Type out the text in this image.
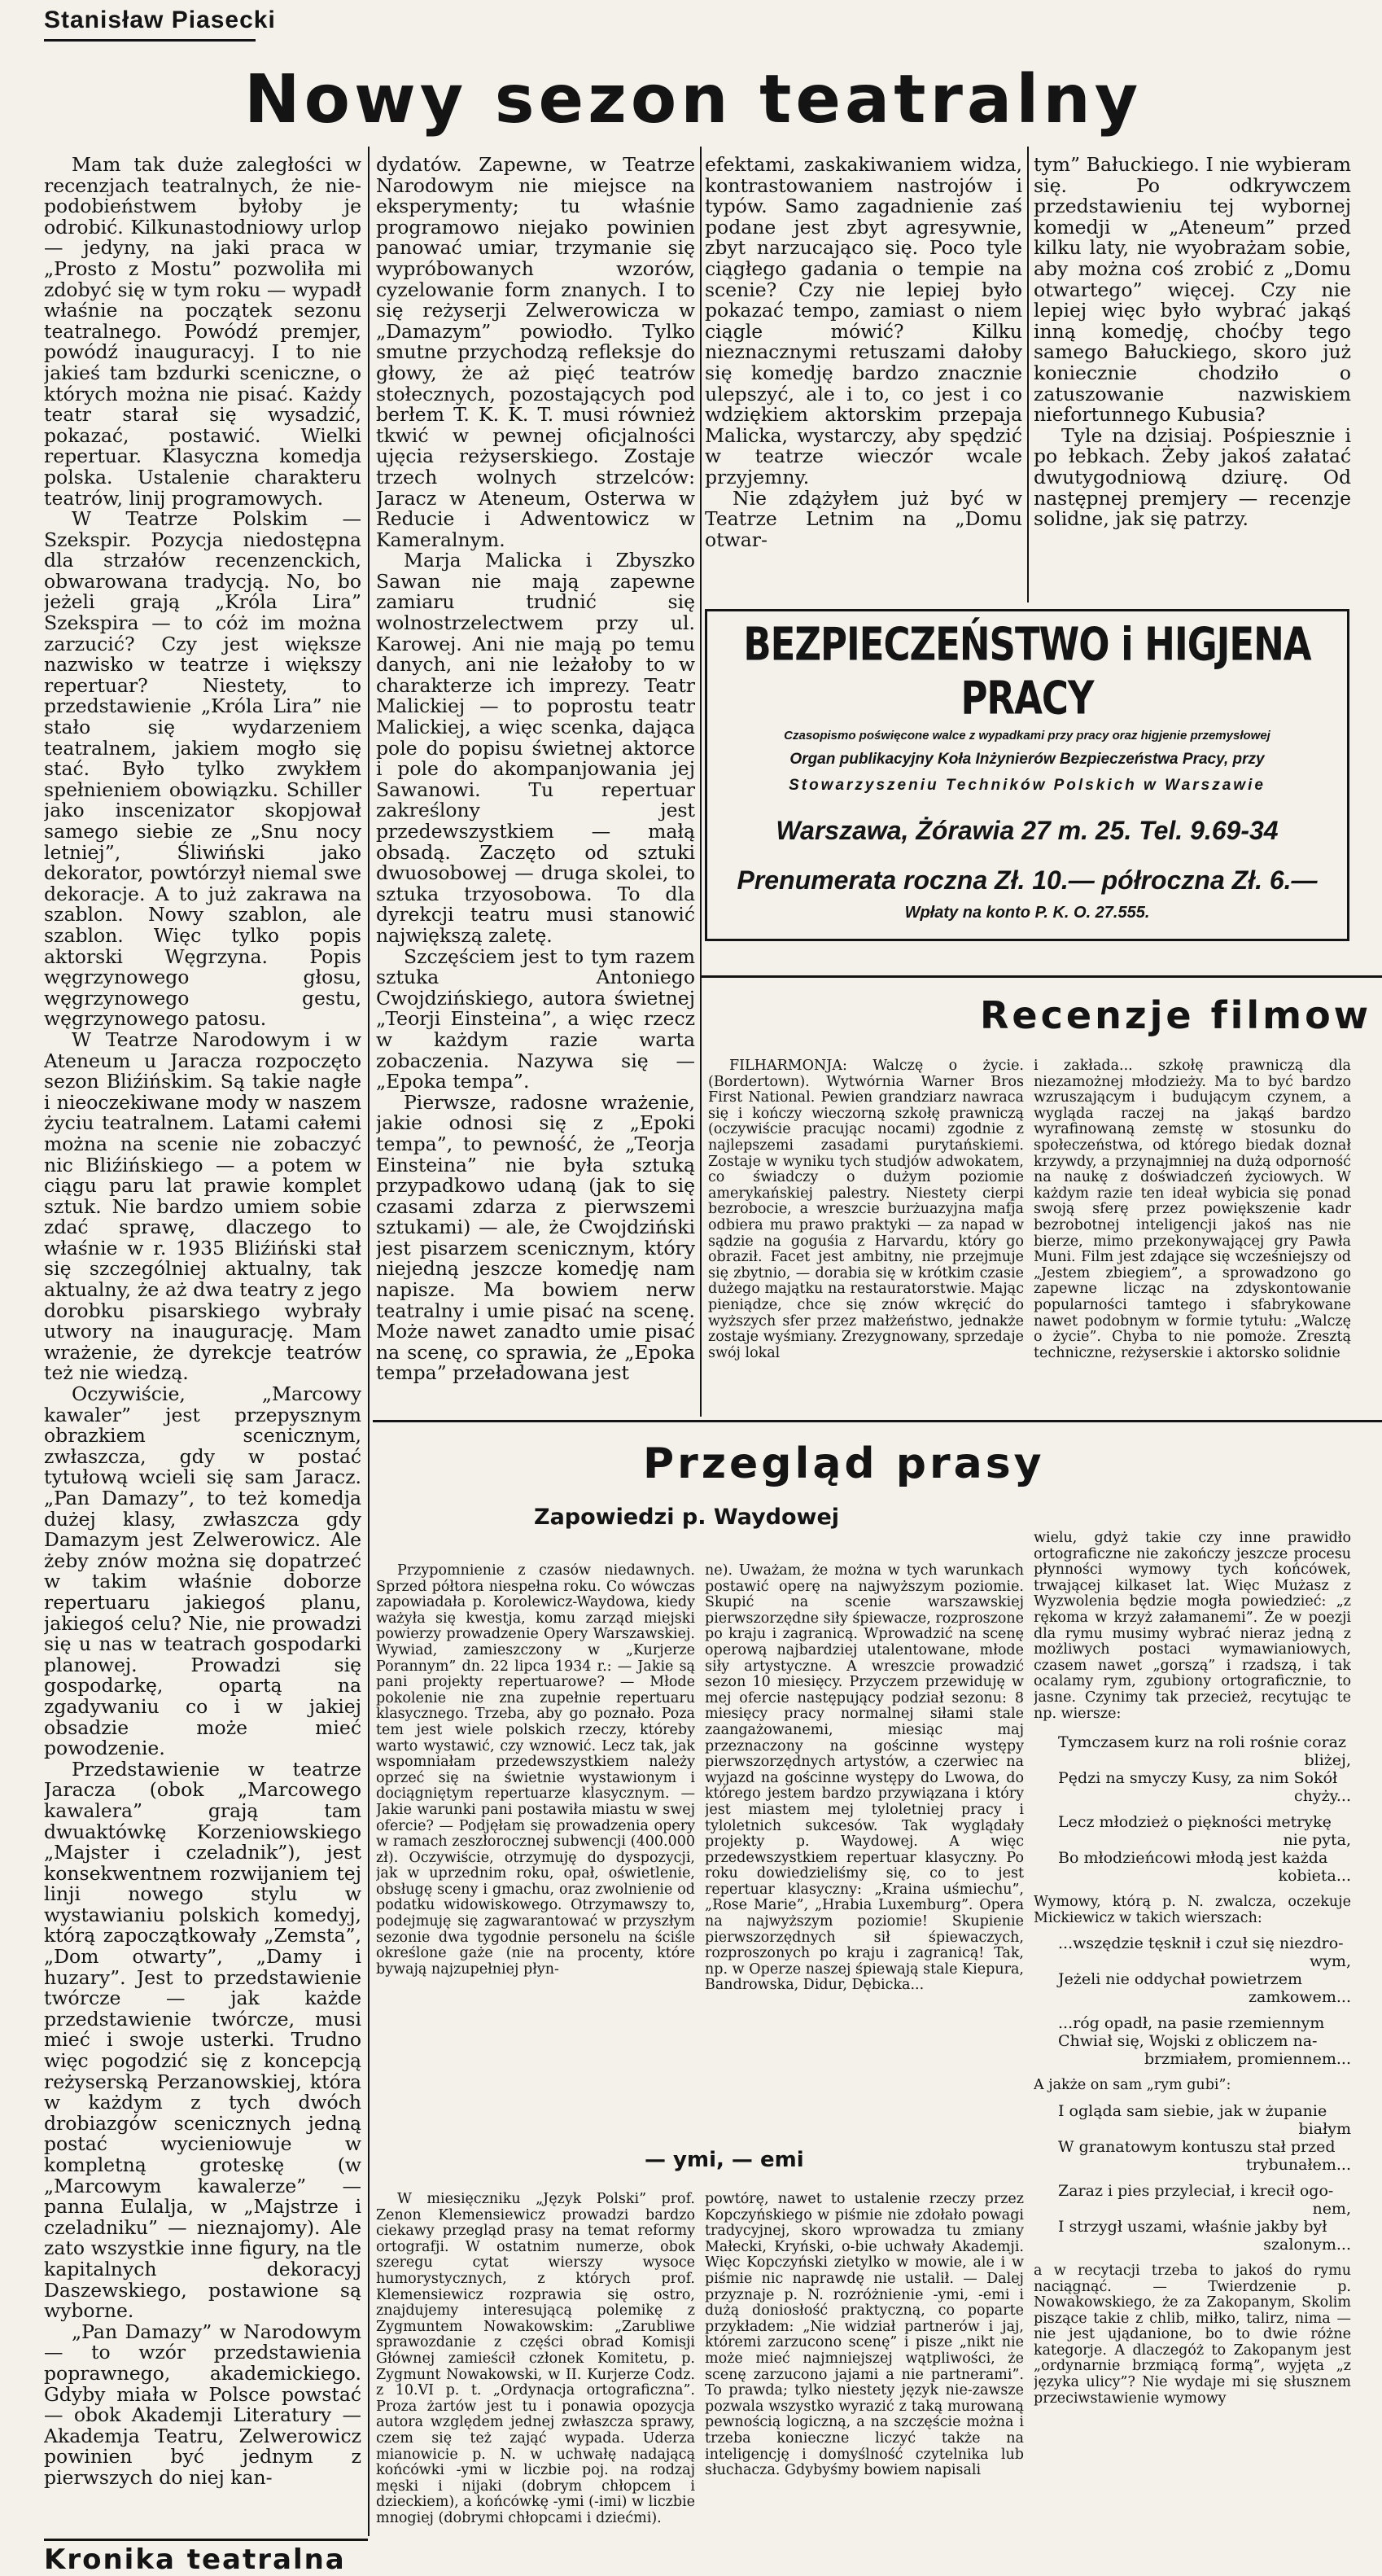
Stanisław Piasecki
Nowy sezon teatralny

Mam tak duże zaległości w recenzjach teatralnych, że nie-podobieństwem byłoby je odrobić. Kilkunastodniowy urlop — jedyny, na jaki praca w „Prosto z Mostu” pozwoliła mi zdobyć się w tym roku — wypadł właśnie na początek sezonu teatralnego. Powódź premjer, powódź inauguracyj. I to nie jakieś tam bzdurki sceniczne, o których można nie pisać. Każdy teatr starał się wysadzić, pokazać, postawić. Wielki repertuar. Klasyczna komedja polska. Ustalenie charakteru teatrów, linij programowych.

W Teatrze Polskim — Szekspir. Pozycja niedostępna dla strzałów recenzenckich, obwarowana tradycją. No, bo jeżeli grają „Króla Lira” Szekspira — to cóż im można zarzucić? Czy jest większe nazwisko w teatrze i większy repertuar? Niestety, to przedstawienie „Króla Lira” nie stało się wydarzeniem teatralnem, jakiem mogło się stać. Było tylko zwykłem spełnieniem obowiązku. Schiller jako inscenizator skopjował samego siebie ze „Snu nocy letniej”, Śliwiński jako dekorator, powtórzył niemal swe dekoracje. A to już zakrawa na szablon. Nowy szablon, ale szablon. Więc tylko popis aktorski Węgrzyna. Popis węgrzynowego głosu, węgrzynowego gestu, węgrzynowego patosu.

W Teatrze Narodowym i w Ateneum u Jaracza rozpoczęto sezon Bliźińskim. Są takie nagłe i nieoczekiwane mody w naszem życiu teatralnem. Latami całemi można na scenie nie zobaczyć nic Bliźińskiego — a potem w ciągu paru lat prawie komplet sztuk. Nie bardzo umiem sobie zdać sprawę, dlaczego to właśnie w r. 1935 Bliźiński stał się szczególniej aktualny, tak aktualny, że aż dwa teatry z jego dorobku pisarskiego wybrały utwory na inaugurację. Mam wrażenie, że dyrekcje teatrów też nie wiedzą.

Oczywiście, „Marcowy kawaler” jest przepysznym obrazkiem scenicznym, zwłaszcza, gdy w postać tytułową wcieli się sam Jaracz. „Pan Damazy”, to też komedja dużej klasy, zwłaszcza gdy Damazym jest Zelwerowicz. Ale żeby znów można się dopatrzeć w takim właśnie doborze repertuaru jakiegoś planu, jakiegoś celu? Nie, nie prowadzi się u nas w teatrach gospodarki planowej. Prowadzi się gospodarkę, opartą na zgadywaniu co i w jakiej obsadzie może mieć powodzenie.

Przedstawienie w teatrze Jaracza (obok „Marcowego kawalera” grają tam dwuaktówkę Korzeniowskiego „Majster i czeladnik”), jest konsekwentnem rozwijaniem tej linji nowego stylu w wystawianiu polskich komedyj, którą zapoczątkowały „Zemsta”, „Dom otwarty”, „Damy i huzary”. Jest to przedstawienie twórcze — jak każde przedstawienie twórcze, musi mieć i swoje usterki. Trudno więc pogodzić się z koncepcją reżyserską Perzanowskiej, która w każdym z tych dwóch drobiazgów scenicznych jedną postać wycieniowuje w kompletną groteskę (w „Marcowym kawalerze” — panna Eulalja, w „Majstrze i czeladniku” — nieznajomy). Ale zato wszystkie inne figury, na tle kapitalnych dekoracyj Daszewskiego, postawione są wyborne.

„Pan Damazy” w Narodowym — to wzór przedstawienia poprawnego, akademickiego. Gdyby miała w Polsce powstać — obok Akademji Literatury — Akademja Teatru, Zelwerowicz powinien być jednym z pierwszych do niej kan-

dydatów. Zapewne, w Teatrze Narodowym nie miejsce na eksperymenty; tu właśnie programowo niejako powinien panować umiar, trzymanie się wypróbowanych wzorów, cyzelowanie form znanych. I to się reżyserji Zelwerowicza w „Damazym” powiodło. Tylko smutne przychodzą refleksje do głowy, że aż pięć teatrów stołecznych, pozostających pod berłem T. K. K. T. musi również tkwić w pewnej oficjalności ujęcia reżyserskiego. Zostaje trzech wolnych strzelców: Jaracz w Ateneum, Osterwa w Reducie i Adwentowicz w Kameralnym.

Marja Malicka i Zbyszko Sawan nie mają zapewne zamiaru trudnić się wolnostrzelectwem przy ul. Karowej. Ani nie mają po temu danych, ani nie leżałoby to w charakterze ich imprezy. Teatr Malickiej — to poprostu teatr Malickiej, a więc scenka, dająca pole do popisu świetnej aktorce i pole do akompanjowania jej Sawanowi. Tu repertuar zakreślony jest przedewszystkiem — małą obsadą. Zaczęto od sztuki dwuosobowej — druga skolei, to sztuka trzyosobowa. To dla dyrekcji teatru musi stanowić największą zaletę.

Szczęściem jest to tym razem sztuka Antoniego Cwojdzińskiego, autora świetnej „Teorji Einsteina”, a więc rzecz w każdym razie warta zobaczenia. Nazywa się — „Epoka tempa”.

Pierwsze, radosne wrażenie, jakie odnosi się z „Epoki tempa”, to pewność, że „Teorja Einsteina” nie była sztuką przypadkowo udaną (jak to się czasami zdarza z pierwszemi sztukami) — ale, że Cwojdziński jest pisarzem scenicznym, który niejedną jeszcze komedję nam napisze. Ma bowiem nerw teatralny i umie pisać na scenę. Może nawet zanadto umie pisać na scenę, co sprawia, że „Epoka tempa” przeładowana jest

efektami, zaskakiwaniem widza, kontrastowaniem nastrojów i typów. Samo zagadnienie zaś podane jest zbyt agresywnie, zbyt narzucająco się. Poco tyle ciągłego gadania o tempie na scenie? Czy nie lepiej było pokazać tempo, zamiast o niem ciągle mówić? Kilku nieznacznymi retuszami dałoby się komedję bardzo znacznie ulepszyć, ale i to, co jest i co wdziękiem aktorskim przepaja Malicka, wystarczy, aby spędzić w teatrze wieczór wcale przyjemny.

Nie zdążyłem już być w Teatrze Letnim na „Domu otwar-

tym” Bałuckiego. I nie wybieram się. Po odkrywczem przedstawieniu tej wybornej komedji w „Ateneum” przed kilku laty, nie wyobrażam sobie, aby można coś zrobić z „Domu otwartego” więcej. Czy nie lepiej więc było wybrać jakąś inną komedję, choćby tego samego Bałuckiego, skoro już koniecznie chodziło o zatuszowanie nazwiskiem niefortunnego Kubusia?

Tyle na dzisiaj. Pośpiesznie i po łebkach. Żeby jakoś załatać dwutygodniową dziurę. Od następnej premjery — recenzje solidne, jak się patrzy.

BEZPIECZEŃSTWO i HIGJENA PRACY
Czasopismo poświęcone walce z wypadkami przy pracy oraz higjenie przemysłowej
Organ publikacyjny Koła Inżynierów Bezpieczeństwa Pracy, przy
Stowarzyszeniu Techników Polskich w Warszawie
Warszawa, Żórawia 27 m. 25. Tel. 9.69-34
Prenumerata roczna Zł. 10.— półroczna Zł. 6.—
Wpłaty na konto P. K. O. 27.555.
Recenzje filmow
FILHARMONJA: Walczę o życie. (Bordertown). Wytwórnia Warner Bros First National. Pewien grandziarz nawraca się i kończy wieczorną szkołę prawniczą (oczywiście pracując nocami) zgodnie z najlepszemi zasadami purytańskiemi. Zostaje w wyniku tych studjów adwokatem, co świadczy o dużym poziomie amerykańskiej palestry. Niestety cierpi bezrobocie, a wreszcie burżuazyjna mafja odbiera mu prawo praktyki — za napad w sądzie na goguśia z Harvardu, który go obraził. Facet jest ambitny, nie przejmuje się zbytnio, — dorabia się w krótkim czasie dużego majątku na restauratorstwie. Mając pieniądze, chce się znów wkręcić do wyższych sfer przez małżeństwo, jednakże zostaje wyśmiany. Zrezygnowany, sprzedaje swój lokal
i zakłada... szkołę prawniczą dla niezamożnej młodzieży. Ma to być bardzo wzruszającym i budującym czynem, a wygląda raczej na jakąś bardzo wyrafinowaną zemstę w stosunku do społeczeństwa, od którego biedak doznał krzywdy, a przynajmniej na dużą odporność na naukę z doświadczeń życiowych. W każdym razie ten ideał wybicia się ponad swoją sferę przez powiększenie kadr bezrobotnej inteligencji jakoś nas nie bierze, mimo przekonywającej gry Pawła Muni. Film jest zdające się wcześniejszy od „Jestem zbiegiem”, a sprowadzono go zapewne licząc na zdyskontowanie popularności tamtego i sfabrykowane nawet podobnym w formie tytułu: „Walczę o życie”. Chyba to nie pomoże. Zresztą techniczne, reżyserskie i aktorsko solidnie
Przegląd prasy
Zapowiedzi p. Waydowej
Przypomnienie z czasów niedawnych. Sprzed półtora niespełna roku. Co wówczas zapowiadała p. Korolewicz-Waydowa, kiedy ważyła się kwestja, komu zarząd miejski powierzy prowadzenie Opery Warszawskiej. Wywiad, zamieszczony w „Kurjerze Porannym” dn. 22 lipca 1934 r.: — Jakie są pani projekty repertuarowe? — Młode pokolenie nie zna zupełnie repertuaru klasycznego. Trzeba, aby go poznało. Poza tem jest wiele polskich rzeczy, któreby warto wystawić, czy wznowić. Lecz tak, jak wspomniałam przedewszystkiem należy oprzeć się na świetnie wystawionym i dociągniętym repertuarze klasycznym. — Jakie warunki pani postawiła miastu w swej ofercie? — Podjęłam się prowadzenia opery w ramach zeszłorocznej subwencji (400.000 zł). Oczywiście, otrzymuję do dyspozycji, jak w uprzednim roku, opał, oświetlenie, obsługę sceny i gmachu, oraz zwolnienie od podatku widowiskowego. Otrzymawszy to, podejmuję się zagwarantować w przyszłym sezonie dwa tygodnie personelu na ściśle określone gaże (nie na procenty, które bywają najzupełniej płyn-
ne). Uważam, że można w tych warunkach postawić operę na najwyższym poziomie. Skupić na scenie warszawskiej pierwszorzędne siły śpiewacze, rozproszone po kraju i zagranicą. Wprowadzić na scenę operową najbardziej utalentowane, młode siły artystyczne. A wreszcie prowadzić sezon 10 miesięcy. Przyczem przewiduję w mej ofercie następujący podział sezonu: 8 miesięcy pracy normalnej siłami stale zaangażowanemi, miesiąc maj przeznaczony na gościnne występy pierwszorzędnych artystów, a czerwiec na wyjazd na gościnne występy do Lwowa, do którego jestem bardzo przywiązana i który jest miastem mej tyloletniej pracy i tyloletnich sukcesów. Tak wyglądały projekty p. Waydowej. A więc przedewszystkiem repertuar klasyczny. Po roku dowiedzieliśmy się, co to jest repertuar klasyczny: „Kraina uśmiechu”, „Rose Marie”, „Hrabia Luxemburg”. Opera na najwyższym poziomie! Skupienie pierwszorzędnych sił śpiewaczych, rozproszonych po kraju i zagranicą! Tak, np. w Operze naszej śpiewają stale Kiepura, Bandrowska, Didur, Dębicka...
wielu, gdyż takie czy inne prawidło ortograficzne nie zakończy jeszcze procesu płynności wymowy tych końcówek, trwającej kilkaset lat. Więc Mużasz z Wyzwolenia będzie mogła powiedzieć: „z rękoma w krzyż załamanemi”. Że w poezji dla rymu musimy wybrać nieraz jedną z możliwych postaci wymawianiowych, czasem nawet „gorszą” i rzadszą, i tak ocalamy rym, zgubiony ortograficznie, to jasne. Czynimy tak przecież, recytując te np. wiersze:
Tymczasem kurz na roli rośnie coraz
bliżej,
Pędzi na smyczy Kusy, za nim Sokół
chyży...
Lecz młodzież o piękności metrykę
nie pyta,
Bo młodzieńcowi młodą jest każda
kobieta...
Wymowy, którą p. N. zwalcza, oczekuje Mickiewicz w takich wierszach:
...wszędzie tęsknił i czuł się niezdro-
wym,
Jeżeli nie oddychał powietrzem
zamkowem...
...róg opadł, na pasie rzemiennym
Chwiał się, Wojski z obliczem na-
brzmiałem, promiennem...
A jakże on sam „rym gubi”:
I ogląda sam siebie, jak w żupanie
białym
W granatowym kontuszu stał przed
trybunałem...
Zaraz i pies przyleciał, i krecił ogo-
nem,
I strzygł uszami, właśnie jakby był
szalonym...
a w recytacji trzeba to jakoś do rymu naciągnąć. — Twierdzenie p. Nowakowskiego, że za Zakopanym, Skolim piszące takie z chlib, miłko, talirz, nima — nie jest ujądanione, bo to dwie różne kategorje. A dlaczegóż to Zakopanym jest „ordynarnie brzmiącą formą”, wyjęta „z języka ulicy”? Nie wydaje mi się słusznem przeciwstawienie wymowy
— ymi, — emi
W miesięczniku „Język Polski” prof. Zenon Klemensiewicz prowadzi bardzo ciekawy przegląd prasy na temat reformy ortografji. W ostatnim numerze, obok szeregu cytat wierszy wysoce humorystycznych, z których prof. Klemensiewicz rozprawia się ostro, znajdujemy interesującą polemikę z Zygmuntem Nowakowskim: „Zarubliwe sprawozdanie z części obrad Komisji Głównej zamieścił członek Komitetu, p. Zygmunt Nowakowski, w II. Kurjerze Codz. z 10.VI p. t. „Ordynacja ortograficzna”. Proza żartów jest tu i ponawia opozycja autora względem jednej zwłaszcza sprawy, czem się też zająć wypada. Uderza mianowicie p. N. w uchwałę nadającą końcówki -ymi w liczbie poj. na rodzaj męski i nijaki (dobrym chłopcem i dzieckiem), a końcówkę -ymi (-imi) w liczbie mnogiej (dobrymi chłopcami i dziećmi).
powtórę, nawet to ustalenie rzeczy przez Kopczyńskiego w piśmie nie zdołało powagi tradycyjnej, skoro wprowadza tu zmiany Małecki, Kryński, o-bie uchwały Akademji. Więc Kopczyński zietylko w mowie, ale i w piśmie nic naprawdę nie ustalił. — Dalej przyznaje p. N. rozróżnienie -ymi, -emi i dużą doniosłość praktyczną, co poparte przykładem: „Nie widział partnerów i jaj, któremi zarzucono scenę” i pisze „nikt nie może mieć najmniejszej wątpliwości, że scenę zarzucono jajami a nie partnerami”. To prawda; tylko niestety język nie-zawsze pozwala wszystko wyrazić z taką murowaną pewnością logiczną, a na szczęście można i trzeba konieczne liczyć także na inteligencję i domyślność czytelnika lub słuchacza. Gdybyśmy bowiem napisali
Kronika teatralna
